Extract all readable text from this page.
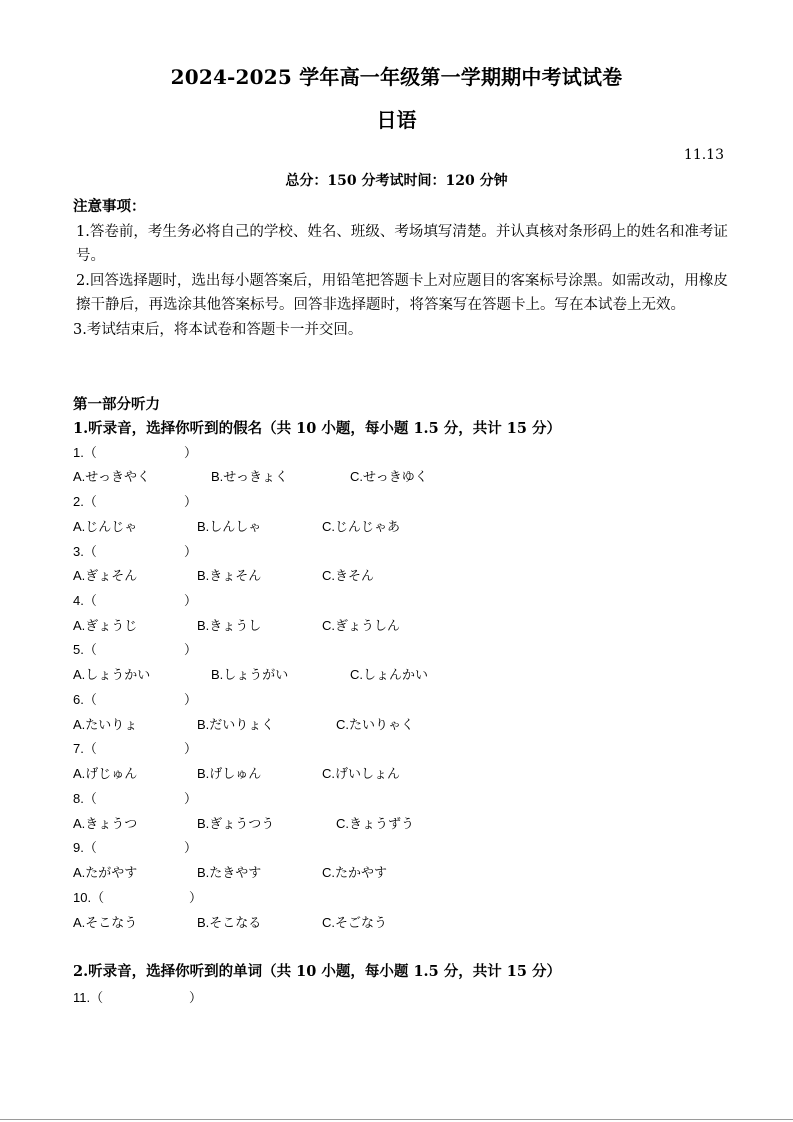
2024-2025 学年高一年级第一学期期中考试试卷
日语
11.13
总分：150 分考试时间：120 分钟
注意事项：
1.答卷前，考生务必将自己的学校、姓名、班级、考场填写清楚。并认真核对条形码上的姓名和准考证号。
2.回答选择题时，选出每小题答案后，用铅笔把答题卡上对应题目的客案标号涂黑。如需改动，用橡皮擦干静后，再选涂其他答案标号。回答非选择题时，将答案写在答题卡上。写在本试卷上无效。
3.考试结束后，将本试卷和答题卡一并交回。
第一部分听力
1.听录音，选择你听到的假名（共 10 小题，每小题 1.5 分，共计 15 分）
1.（	）
A.せっきやく	B.せっきょく	C.せっきゆく
2.（	）
A.じんじゃ	B.しんしゃ	C.じんじゃあ
3.（	）
A.ぎょそん	B.きょそん	C.きそん
4.（	）
A.ぎょうじ	B.きょうし	C.ぎょうしん
5.（	）
A.しょうかい	B.しょうがい	C.しょんかい
6.（	）
A.たいりょ	B.だいりょく	C.たいりゃく
7.（	）
A.げじゅん	B.げしゅん	C.げいしょん
8.（	）
A.きょうつ	B.ぎょうつう	C.きょうずう
9.（	）
A.たがやす	B.たきやす	C.たかやす
10.（	）
A.そこなう	B.そこなる	C.そごなう
2.听录音，选择你听到的单词（共 10 小题，每小题 1.5 分，共计 15 分）
11.（	）
